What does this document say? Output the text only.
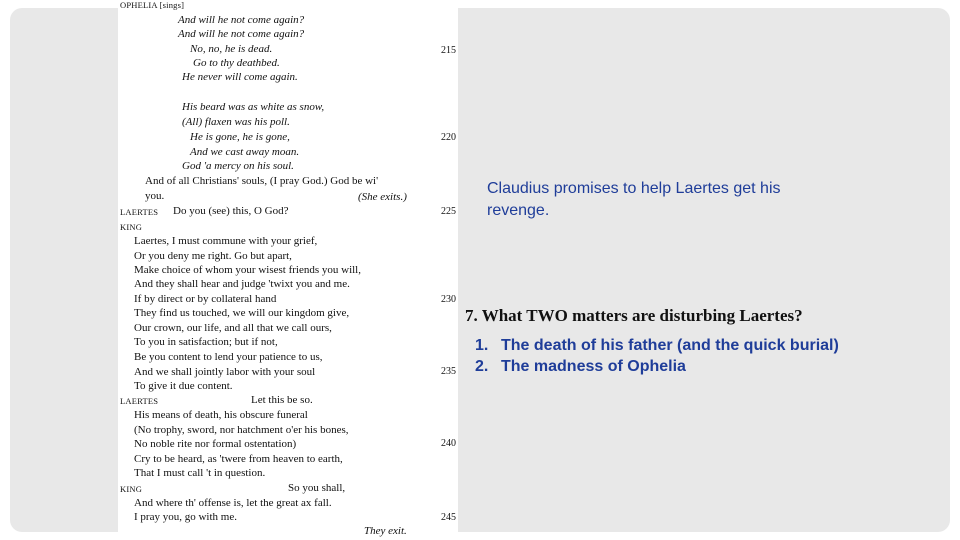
OPHELIA [sings]
And will he not come again?
And will he not come again?
No, no, he is dead.
Go to thy deathbed.
He never will come again.
His beard was as white as snow,
(All) flaxen was his poll.
He is gone, he is gone,
And we cast away moan.
God 'a mercy on his soul.
And of all Christians' souls, (I pray God.) God be wi'
you.	(She exits.)
LAERTES Do you (see) this, O God?
KING
Laertes, I must commune with your grief,
Or you deny me right. Go but apart,
Make choice of whom your wisest friends you will,
And they shall hear and judge 'twixt you and me.
If by direct or by collateral hand
They find us touched, we will our kingdom give,
Our crown, our life, and all that we call ours,
To you in satisfaction; but if not,
Be you content to lend your patience to us,
And we shall jointly labor with your soul
To give it due content.
LAERTES	Let this be so.
His means of death, his obscure funeral
(No trophy, sword, nor hatchment o'er his bones,
No noble rite nor formal ostentation)
Cry to be heard, as 'twere from heaven to earth,
That I must call 't in question.
KING	So you shall,
And where th' offense is, let the great ax fall.
I pray you, go with me.
They exit.
215
220
225
230
235
240
245
Claudius promises to help Laertes get his revenge.
7. What TWO matters are disturbing Laertes?
1. The death of his father (and the quick burial)
2. The madness of Ophelia
